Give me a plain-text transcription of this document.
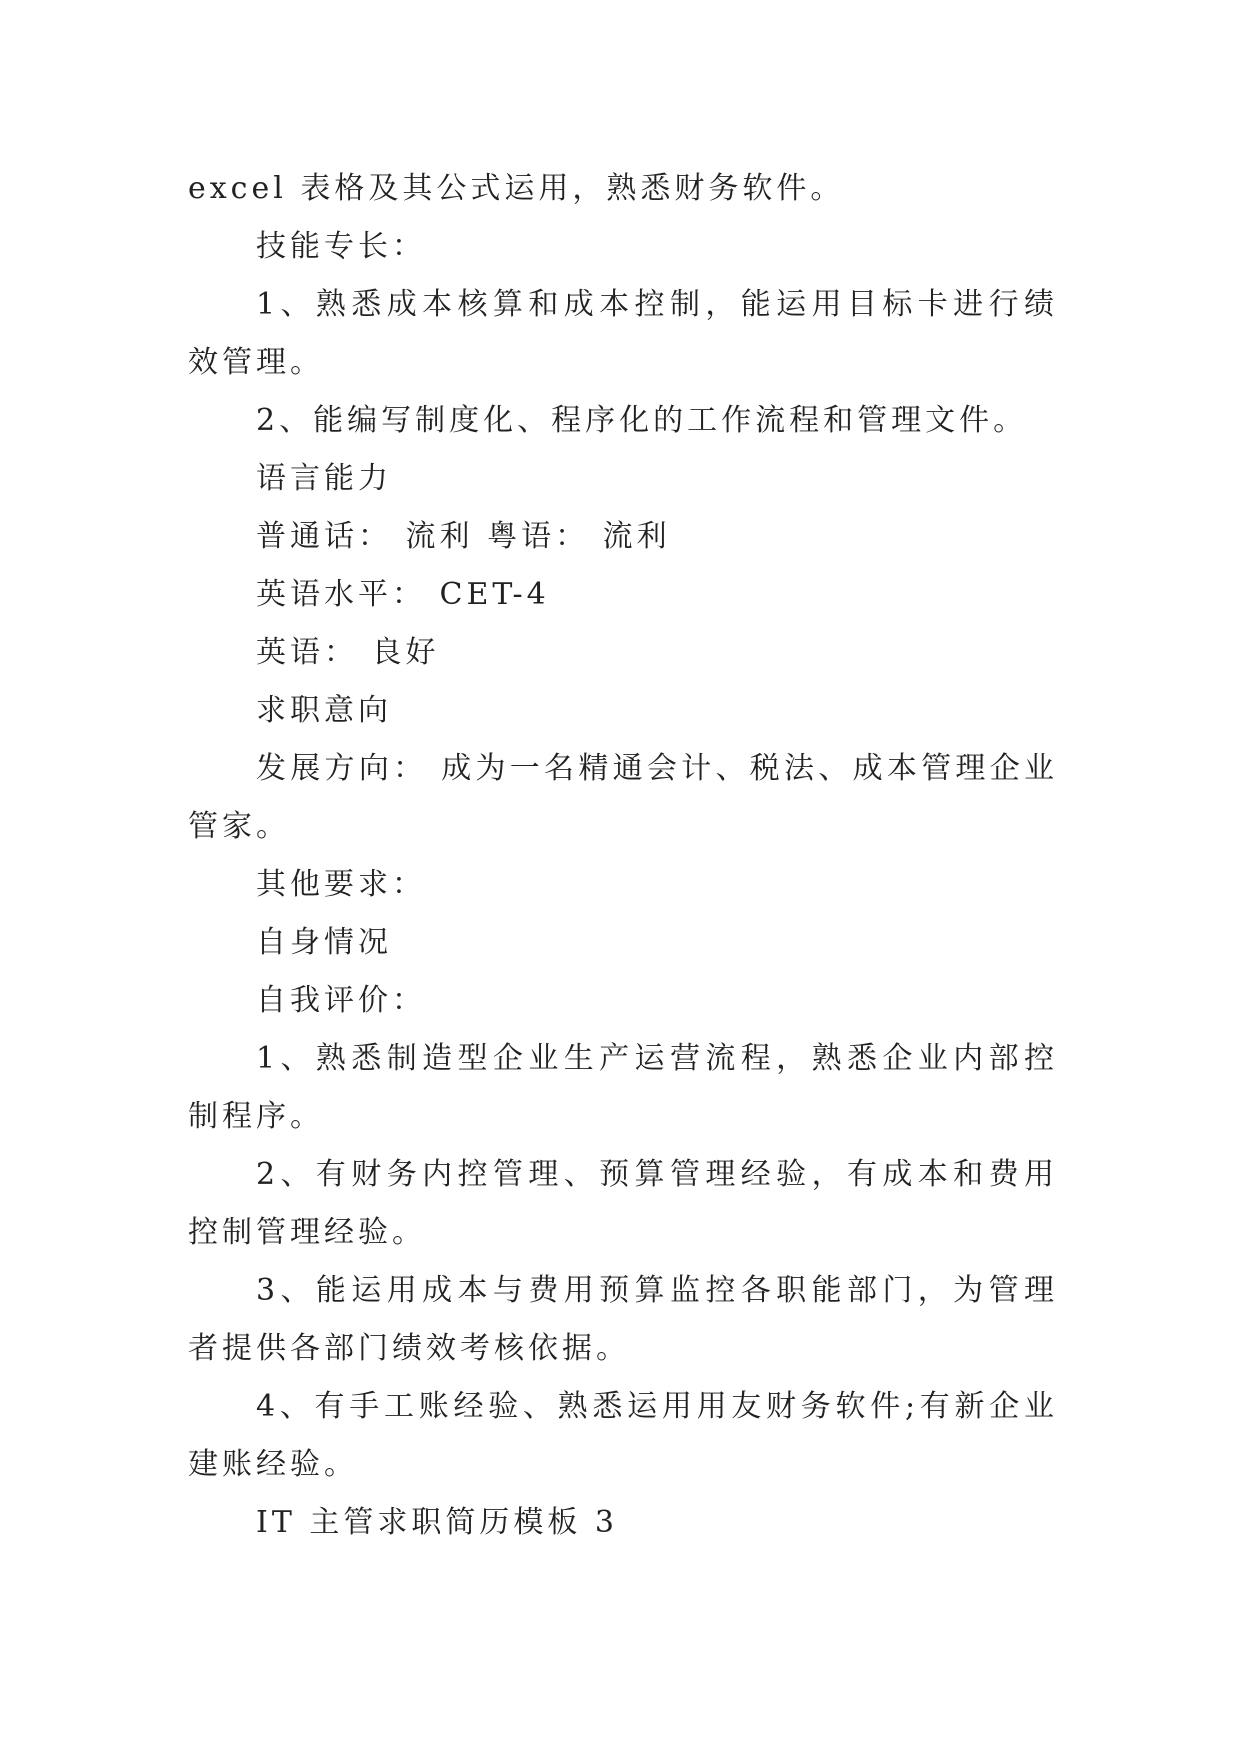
excel 表格及其公式运用，熟悉财务软件。

技能专长：

1、熟悉成本核算和成本控制，能运用目标卡进行绩效管理。

2、能编写制度化、程序化的工作流程和管理文件。

语言能力

普通话： 流利 粤语： 流利

英语水平： CET-4

英语： 良好

求职意向

发展方向： 成为一名精通会计、税法、成本管理企业管家。

其他要求：

自身情况

自我评价：

1、熟悉制造型企业生产运营流程，熟悉企业内部控制程序。

2、有财务内控管理、预算管理经验，有成本和费用控制管理经验。

3、能运用成本与费用预算监控各职能部门，为管理者提供各部门绩效考核依据。

4、有手工账经验、熟悉运用用友财务软件;有新企业建账经验。

IT 主管求职简历模板 3
